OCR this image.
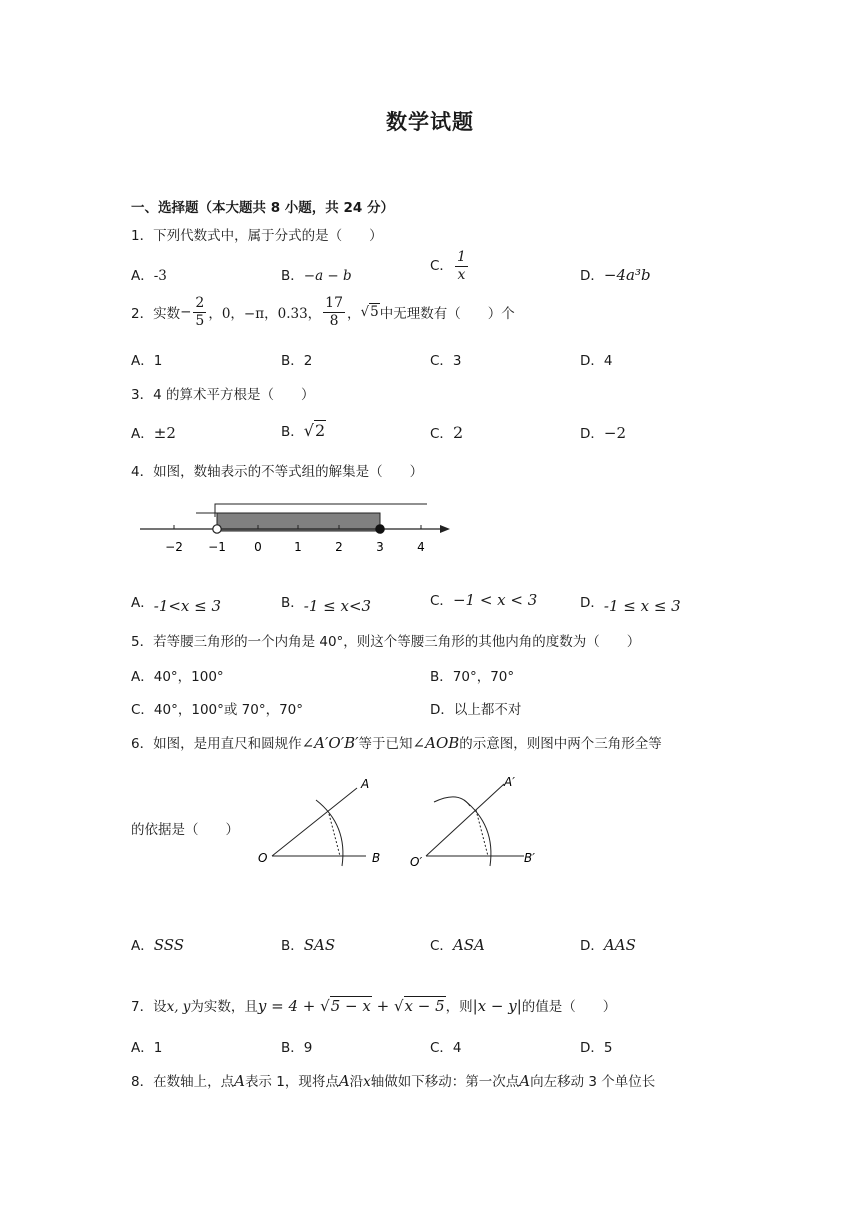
数学试题
一、选择题（本大题共 8 小题，共 24 分）
1．下列代数式中，属于分式的是（　　）
A．-3	B．−a − b
C． $\frac{1}{x}$	D．−4a³b
2．实数 − $\frac{2}{5}$ ，0，−π，0.33， $\frac{17}{8}$ ， √5 中无理数有（　　）个
A．1	B．2	C．3	D．4
3．4 的算术平方根是（　　）
A．±2	B．√2	C．2	D．−2
4．如图，数轴表示的不等式组的解集是（　　）
−2 −1 0	1	2	3	4
A．-1<x ≤ 3	B．-1 ≤ x<3	C．−1 < x < 3	D．-1 ≤ x ≤ 3
5．若等腰三角形的一个内角是 40°，则这个等腰三角形的其他内角的度数为（　　）
A．40°，100°	B．70°，70°
C．40°，100°或 70°，70°	D．以上都不对
6．如图，是用直尺和圆规作∠A′O′B′等于已知∠AOB的示意图，则图中两个三角形全等
的依据是（　　）
O
A
B O′
A′
B′
A．SSS	B．SAS	C．ASA	D．AAS
7．设x, y为实数，且y = 4 + √5 − x + √x − 5，则|x − y|的值是（　　）
A．1	B．9	C．4	D．5
8．在数轴上，点A表示 1，现将点A沿x轴做如下移动：第一次点A向左移动 3 个单位长
